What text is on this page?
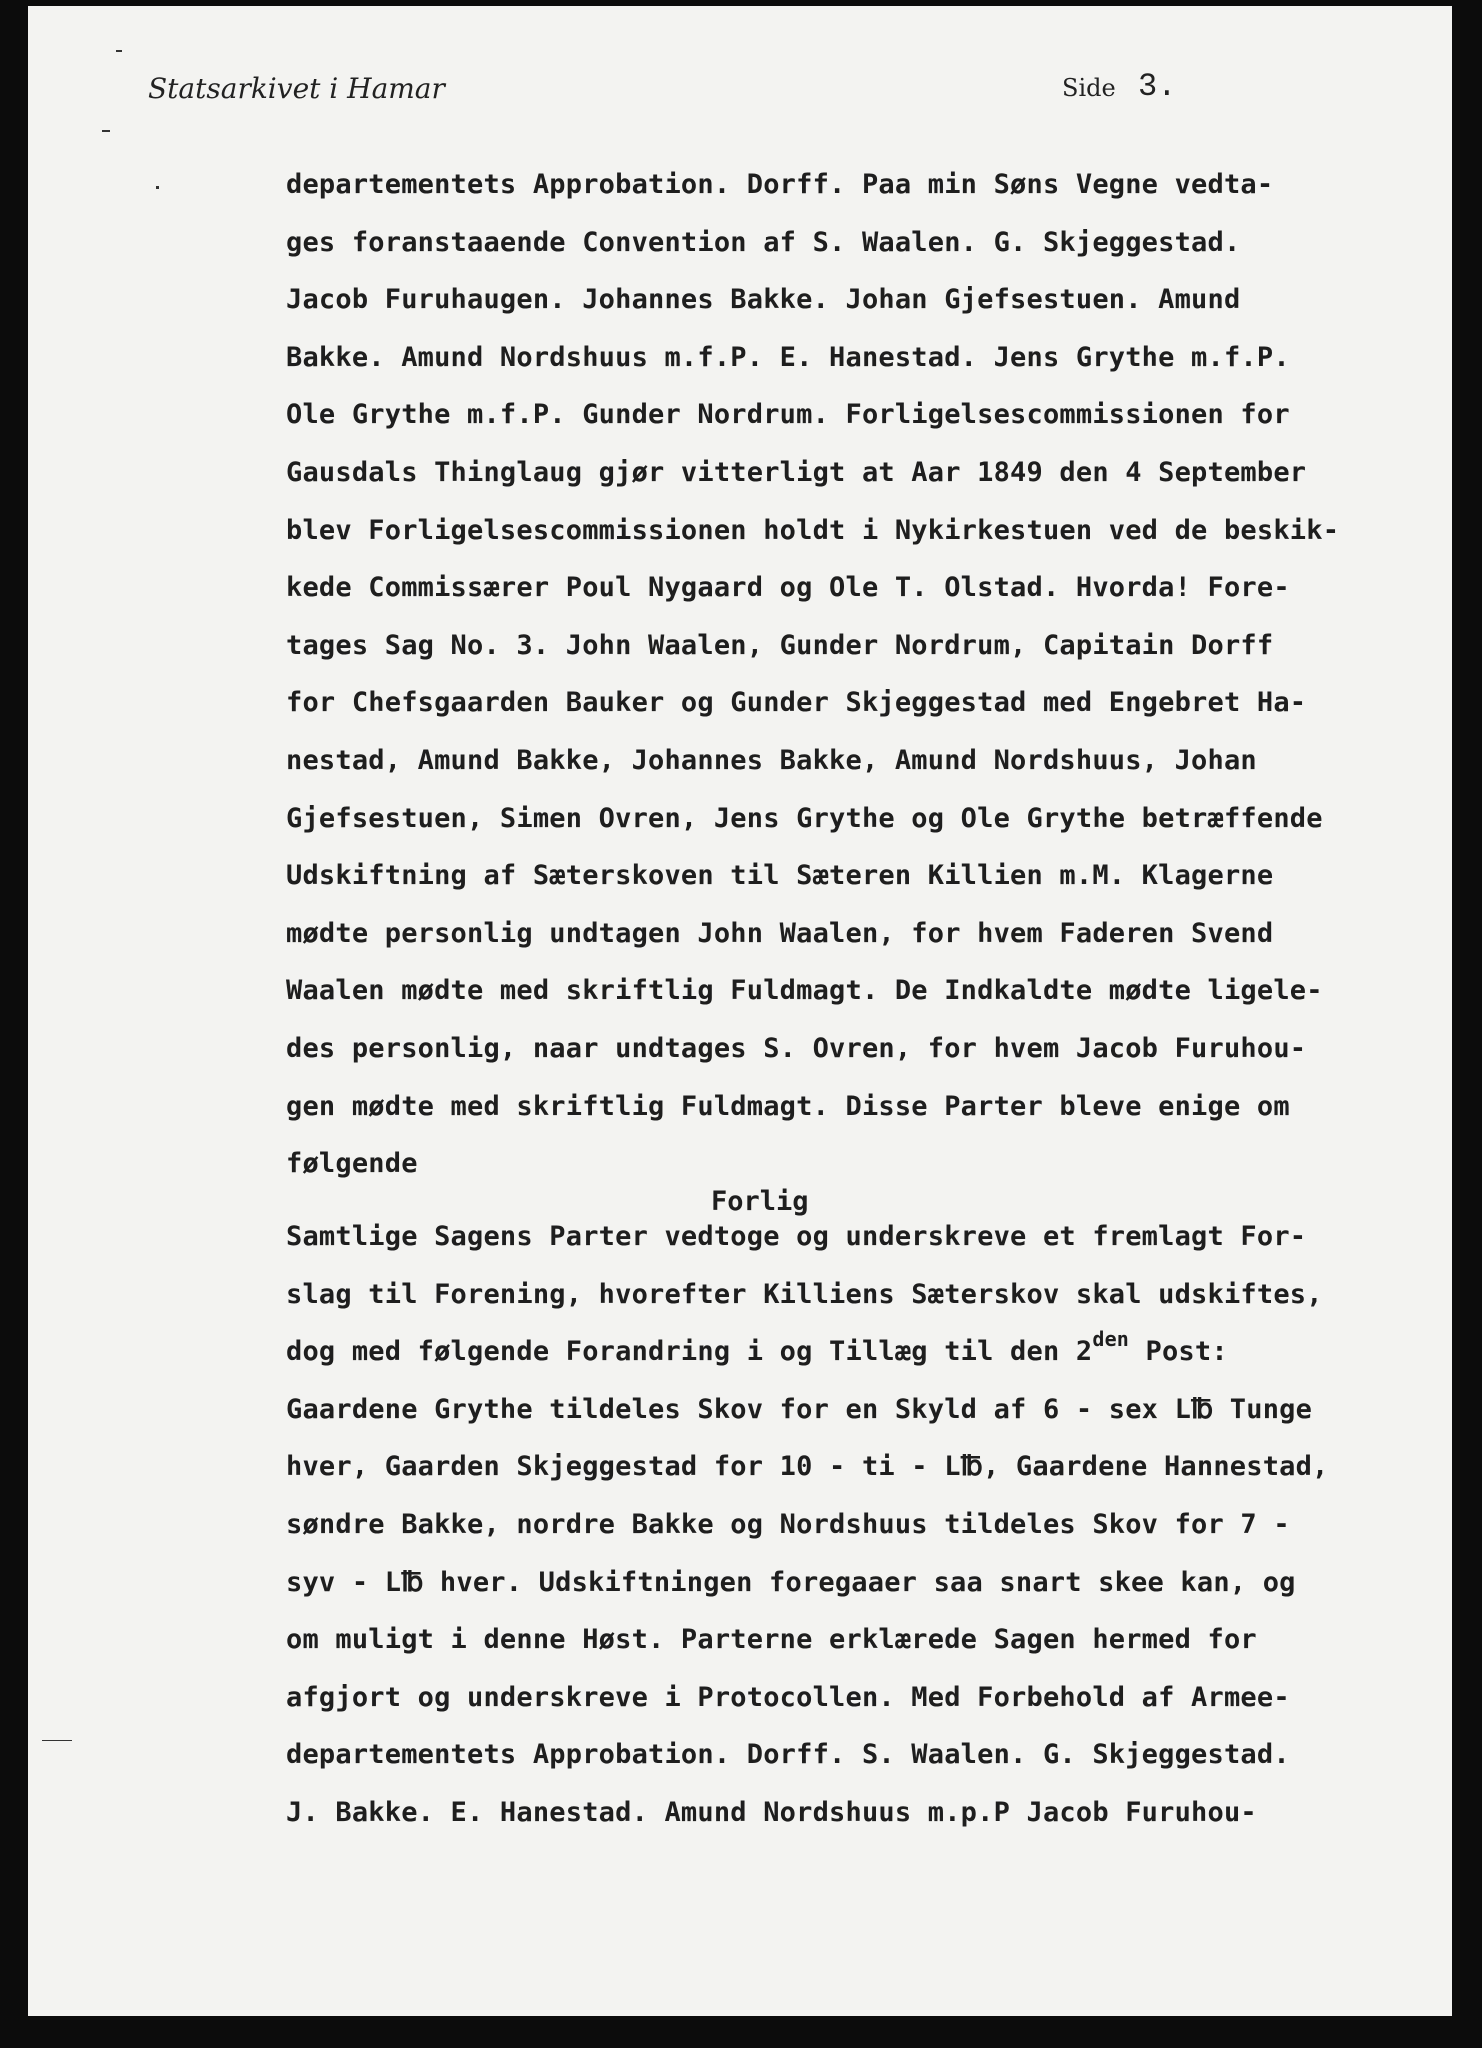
Statsarkivet i Hamar	Side 3.
departementets Approbation. Dorff. Paa min Søns Vegne vedta-
ges foranstaaende Convention af S. Waalen. G. Skjeggestad.
Jacob Furuhaugen. Johannes Bakke. Johan Gjefsestuen. Amund
Bakke. Amund Nordshuus m.f.P. E. Hanestad. Jens Grythe m.f.P.
Ole Grythe m.f.P. Gunder Nordrum. Forligelsescommissionen for
Gausdals Thinglaug gjør vitterligt at Aar 1849 den 4 September
blev Forligelsescommissionen holdt i Nykirkestuen ved de beskik-
kede Commissærer Poul Nygaard og Ole T. Olstad. Hvorda! Fore-
tages Sag No. 3. John Waalen, Gunder Nordrum, Capitain Dorff
for Chefsgaarden Bauker og Gunder Skjeggestad med Engebret Ha-
nestad, Amund Bakke, Johannes Bakke, Amund Nordshuus, Johan
Gjefsestuen, Simen Ovren, Jens Grythe og Ole Grythe betræffende
Udskiftning af Sæterskoven til Sæteren Killien m.M. Klagerne
mødte personlig undtagen John Waalen, for hvem Faderen Svend
Waalen mødte med skriftlig Fuldmagt. De Indkaldte mødte ligele-
des personlig, naar undtages S. Ovren, for hvem Jacob Furuhou-
gen mødte med skriftlig Fuldmagt. Disse Parter bleve enige om
følgende
Forlig
Samtlige Sagens Parter vedtoge og underskreve et fremlagt For-
slag til Forening, hvorefter Killiens Sæterskov skal udskiftes,
dog med følgende Forandring i og Tillæg til den $2^{den}$ Post:
Gaardene Grythe tildeles Skov for en Skyld af 6 - sex L℔ Tunge
hver, Gaarden Skjeggestad for 10 - ti - L℔, Gaardene Hannestad,
søndre Bakke, nordre Bakke og Nordshuus tildeles Skov for 7 -
syv - L℔ hver. Udskiftningen foregaaer saa snart skee kan, og
om muligt i denne Høst. Parterne erklærede Sagen hermed for
afgjort og underskreve i Protocollen. Med Forbehold af Armee-
departementets Approbation. Dorff. S. Waalen. G. Skjeggestad.
J. Bakke. E. Hanestad. Amund Nordshuus m.p.P Jacob Furuhou-
